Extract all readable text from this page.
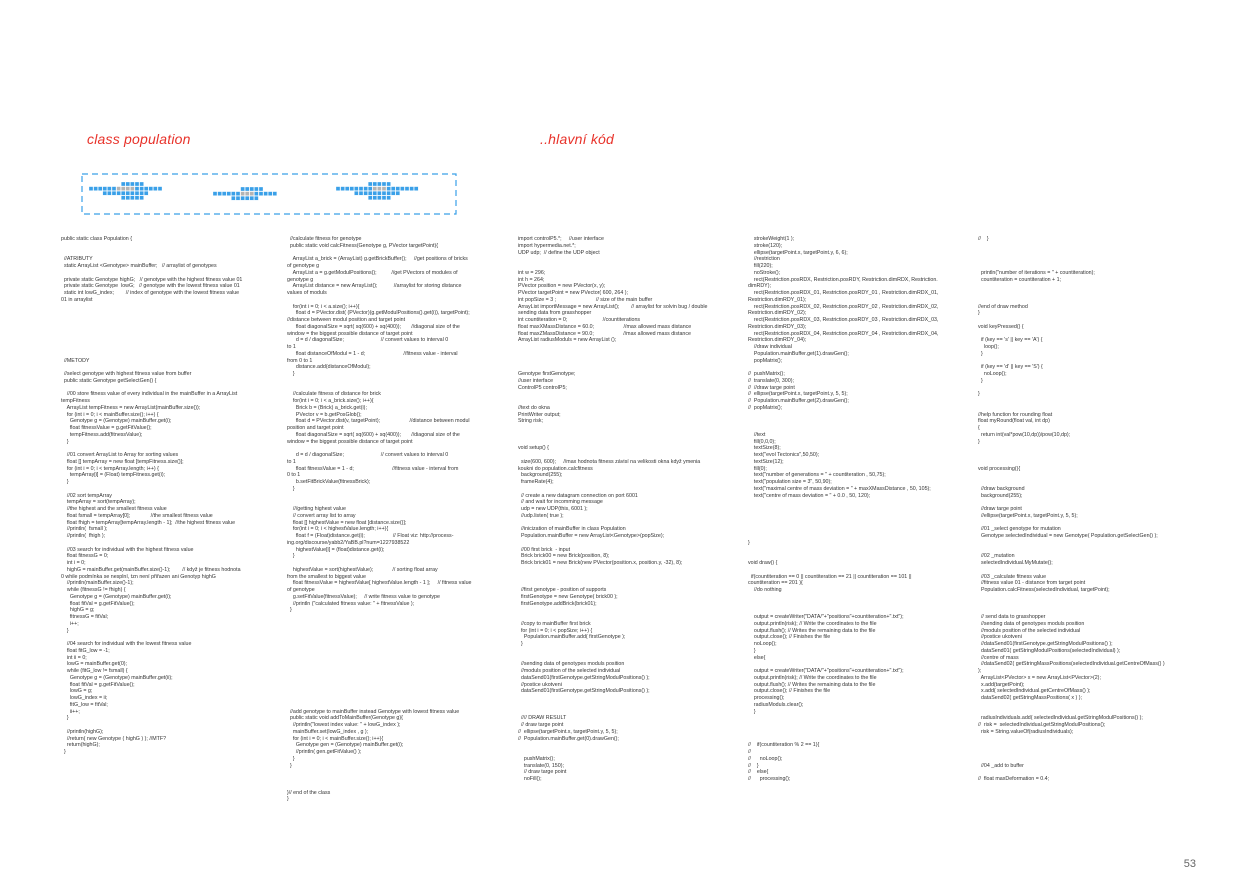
class population	..hlavní kód
public static class Population {

//ATRIBUTY
static ArrayList <Genotype> mainBuffer;   // arraylist of genotypes

private static Genotype highG;   // genotype with the highest fitness value 01
private static Genotype  lowG;   // genotype with the lowest fitness value 01
static int lowG_index;        // index of genotype with the lowest fitness value
01 in arraylist

//METODY

//select genotype with highest fitness value from buffer
public static Genotype getSelectGen() {

//00 store fitness value of every individual in the mainBuffer in a ArrayList
tempFitness
ArrayList tempFitness = new ArrayList(mainBuffer.size());
for (int i = 0; i < mainBuffer.size(); i++) {
Genotype g = (Genotype) mainBuffer.get(i);
float fitnessValue = g.getFitValue();
tempFitness.add(fitnessValue);
}

//01 convert ArrayList to Array for sorting values
float [] tempArray = new float [tempFitness.size()];
for (int i = 0; i < tempArray.length; i++) {
tempArray[i] = (Float) tempFitness.get(i);
}

//02 sort tempArray
tempArray = sort(tempArray);
//the highest and the smallest fitness value
float fsmall = tempArray[0];              //the smallest fitness value
float fhigh = tempArray[tempArray.length - 1];  //the highest fitness value
//println(  fsmall );
//println(  fhigh );

//03 search for individual with the highest fitness value
float fitnessG = 0;
int i = 0;
highG = mainBuffer.get(mainBuffer.size()-1);        // když je fitness hodnota
0 while podmínka se nesplní, tzn není přiřazen ani Genotyp highG
//println(mainBuffer.size()-1);
while (fitnessG != fhigh) {
Genotype g = (Genotype) mainBuffer.get(i);
float fitVal = g.getFitValue();
highG = g;
fitnessG = fitVal;
i++;
}

//04 search for individual with the lowest fitness value
float fitG_low = -1;
int ii = 0;
lowG = mainBuffer.get(0);
while (fitG_low != fsmall) {
Genotype g = (Genotype) mainBuffer.get(ii);
float fitVal = g.getFitValue();
lowG = g;
lowG_index = ii;
fitG_low = fitVal;
ii++;
}

//println(highG);
//return( new Genotype ( highG ) ); //MTF?
return(highG);
}
//calculate fitness for genotype
public static void calcFitness(Genotype g, PVector targetPoint){

ArrayList a_brick = (ArrayList) g.getBrickBuffer();     //get positions of bricks
of genotype g
ArrayList a = g.getModulPositions();          //get PVectors of modules of
genotype g
ArrayList distance = new ArrayList();           //arraylist for storing distance
values of moduls

for(int i = 0; i < a.size(); i++){
float d = PVector.dist( (PVector)(g.getModulPositions().get(i)), targetPoint);
//distance between modul position and target point
float diagonalSize = sqrt( sq(600) + sq(400));       //diagonal size of the
window = the biggest possible distance of target point
d = d / diagonalSize;                         // convert values to interval 0
to 1
float distanceOfModul = 1 - d;                          //fitness value - interval
from 0 to 1
distance.add(distanceOfModul);
}

//calculate fitness of distance for brick
for(int i = 0; i < a_brick.size(); i++){
Brick b = (Brick) a_brick.get(i);
PVector v = b.getPosGlob();
float d = PVector.dist(v, targetPoint);                    //distance between modul
position and target point
float diagonalSize = sqrt( sq(600) + sq(400));       //diagonal size of the
window = the biggest possible distance of target point

d = d / diagonalSize;                         // convert values to interval 0
to 1
float fitnessValue = 1 - d;                          //fitness value - interval from
0 to 1
b.setFitBrickValue(fitnessBrick);
}

///getting highest value
// convert array list to array
float [] highestValue = new float [distance.size()];
for(int i = 0; i < highestValue.length; i++){
float f = (Float)distance.get(i);                   // Float viz: http://process-
ing.org/discourse/yabb2/YaBB.pl?num=1227938522
highestValue[i] = (float)distance.get(i);
}

highestValue = sort(highestValue);             // sorting float array
from the smallest to biggest value
float fitnessValue = highestValue[ highestValue.length - 1 ];     // fitness value
of genotype
g.setFitValue(fitnessValue);     // write fitness value to genotype
//println ("calculated fitness value: " + fitnessValue );
}

//add genotype to mainBuffer instead Genotype with lowest fitness value
public static void addToMainBuffer(Genotype g){
//println("lowest index value: " + lowG_index );
mainBuffer.set(lowG_index , g );
for (int i = 0; i < mainBuffer.size(); i++){
Genotype gen = (Genotype) mainBuffer.get(i);
//println( gen.getFitValue() );
}
}

}// end of the class
}
import controlP5.*;     //user interface
import hypermedia.net.*;
UDP udp;  // define the UDP object

int w = 296;
int h = 264;
PVector position = new PVector(x, y);
PVector targetPoint = new PVector( 600, 264 );
int popSize = 3 ;                           // size of the main buffer
ArrayList importMessage = new ArrayList();        // arraylist for solvin bug / double
sending data from grasshopper
int countiteration = 0;                        //countiterations
float maxXMassDistance = 60.0;                    //max allowed mass distance
float maxZMassDistance = 90.0;                    //max allowed mass distance
ArrayList radiusModuls = new ArrayList ();

Genotype firstGenotype;
//user interface
ControlP5 controlP5;

//text do okna
PrintWriter output;
String risk;

void setup() {

size(600, 600);     //max hodnota fitness závisí na velikosti okna když ymenia
koukni do population.calcfitness
background(255);
frameRate(4);

// create a new datagram connection on port 6001
// and wait for incomming message
udp = new UDP(this, 6001 );
//udp.listen( true );

//inicization of mainBuffer in class Population
Population.mainBuffer = new ArrayList<Genotype>(popSize);

//00 first brick  - input
Brick brick00 = new Brick(position, 8);
Brick brick01 = new Brick(new PVector(position.x, position.y, -32), 8);

//first genotype - position of supports
firstGenotype = new Genotype( brick00 );
firstGenotype.addBrick(brick01);

//copy to mainBuffer first brick
for (int i = 0; i < popSize; i++) {
Population.mainBuffer.add( firstGenotype );
}

//sending data of genotypes moduls position
//moduls position of the selected individual
dataSend01(firstGenotype.getStringModulPositions() );
//postice ukotveni
dataSend01(firstGenotype.getStringModulPositions() );

//// DRAW RESULT
// draw targe point
//  ellipse(targetPoint.x, targetPoint.y, 5, 5);
//  Population.mainBuffer.get(0).drawGen();

pushMatrix();
translate(0, 150);
// draw targe point
noFill();
strokeWeight(1 );
stroke(120);
ellipse(targetPoint.x, targetPoint.y, 6, 6);
//restriction
fill(220);
noStroke();
rect(Restriction.posRDX, Restriction.posRDY, Restriction.dimRDX, Restriction.
dimRDY);
rect(Restriction.posRDX_01, Restriction.posRDY_01 , Restriction.dimRDX_01,
Restriction.dimRDY_01);
rect(Restriction.posRDX_02, Restriction.posRDY_02 , Restriction.dimRDX_02,
Restriction.dimRDY_02);
rect(Restriction.posRDX_03, Restriction.posRDY_03 , Restriction.dimRDX_03,
Restriction.dimRDY_03);
rect(Restriction.posRDX_04, Restriction.posRDY_04 , Restriction.dimRDX_04,
Restriction.dimRDY_04);
//draw individual
Population.mainBuffer.get(1).drawGen();
popMatrix();

//  pushMatrix();
//  translate(0, 300);
//  //draw targe point
//  ellipse(targetPoint.x, targetPoint.y, 5, 5);
//  Population.mainBuffer.get(2).drawGen();
//  popMatrix();

//text
fill(0,0,0);
textSize(8);
text("evol Tectonics",50,50);
textSize(12);
fill(0);
text("number of generations = " + countiteration , 50,75);
text("population size = 3", 50,90);
text("maximal centre of mass deviation = " + maxXMassDistance , 50, 105);
text("centre of mass deviation = " + 0.0 , 50, 120);

}

void draw() {

if(countiteration == 0 || countiteration == 21 || countiteration == 101 ||
countiteration == 201 ){
//do nothing

output = createWriter("DATA/"+"positions"+countiteration+".txt");
output.println(risk); // Write the coordinates to the file
output.flush(); // Writes the remaining data to the file
output.close(); // Finishes the file
noLoop();
}
else{

output = createWriter("DATA/"+"positions"+countiteration+".txt");
output.println(risk); // Write the coordinates to the file
output.flush(); // Writes the remaining data to the file
output.close(); // Finishes the file
processing();
radiusModuls.clear();
}

//    if(countiteration % 2 == 1){
//
//      noLoop();
//    }
//    else{
//      processing();
//    }

println("number of iterations = " + countiteration);
countiteration = countiteration + 1;

//end of draw method
}

void keyPressed() {

if (key == 's' || key == 'A') {
loop();
}

if (key == 'd' || key == 'S') {
noLoop();
}

}

//help function for rounding float
float myRound(float val, int dp)
{
return int(val*pow(10,dp))/pow(10,dp);
}

void processing(){

//draw background
background(255);

//draw targe point
//ellipse(targetPoint.x, targetPoint.y, 5, 5);

//01 _select genotype for mutation
Genotype selectedIndividual = new Genotype( Population.getSelectGen() );

//02 _mutation
selectedIndividual.MyMutate();

//03 _calculate fitness value
//fitness value 01 - distance from target point
Population.calcFitness(selectedIndividual, targetPoint);

// send data to grasshopper
//sending data of genotypes moduls position
//moduls position of the selected individual
//postice ukotveni
//dataSend01(firstGenotype.getStringModulPositions() );
dataSend01( getStringModulPositions(selectedIndividual) );
//centre of mass
//dataSend02( getStringMassPositions(selectedIndividual.getCentreOfMass() )
);
ArrayList<PVector> x = new ArrayList<PVector>(2);
x.add(targetPoint);
x.add( selectedIndividual.getCentreOfMass() );
dataSend02( getStringMassPositions( x ) );

radiusIndividuals.add( selectedIndividual.getStringModulPositions() );
//  risk =  selectedIndividual.getStringModulPositions();
risk = String.valueOf(radiusIndividuals);

//04 _add to buffer

//  float maxDeformation = 0.4;
53
